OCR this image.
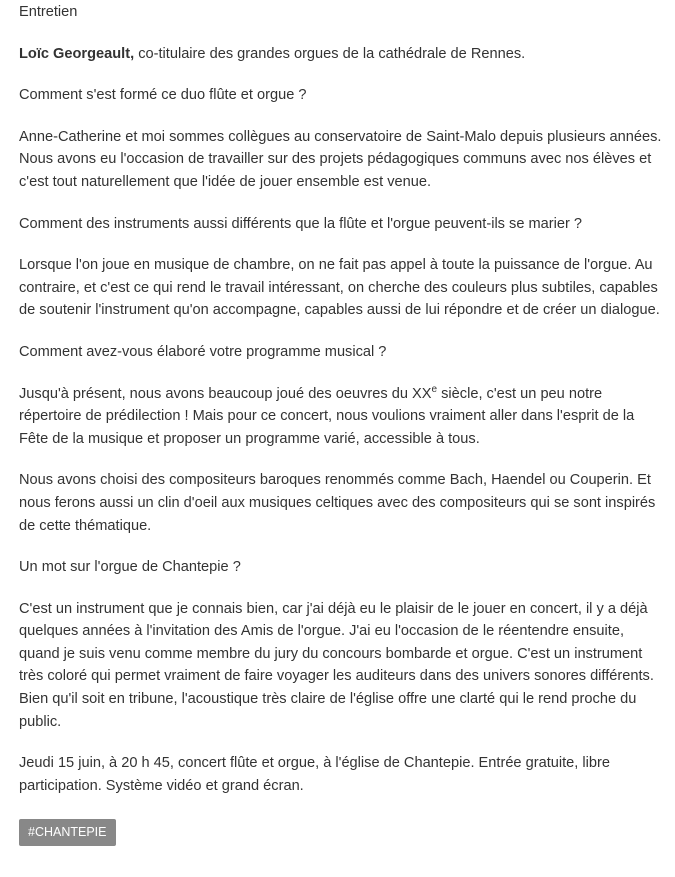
Entretien

Loïc Georgeault, co-titulaire des grandes orgues de la cathédrale de Rennes.

Comment s'est formé ce duo flûte et orgue ?

Anne-Catherine et moi sommes collègues au conservatoire de Saint-Malo depuis plusieurs années. Nous avons eu l'occasion de travailler sur des projets pédagogiques communs avec nos élèves et c'est tout naturellement que l'idée de jouer ensemble est venue.

Comment des instruments aussi différents que la flûte et l'orgue peuvent-ils se marier ?

Lorsque l'on joue en musique de chambre, on ne fait pas appel à toute la puissance de l'orgue. Au contraire, et c'est ce qui rend le travail intéressant, on cherche des couleurs plus subtiles, capables de soutenir l'instrument qu'on accompagne, capables aussi de lui répondre et de créer un dialogue.

Comment avez-vous élaboré votre programme musical ?

Jusqu'à présent, nous avons beaucoup joué des oeuvres du XXe siècle, c'est un peu notre répertoire de prédilection ! Mais pour ce concert, nous voulions vraiment aller dans l'esprit de la Fête de la musique et proposer un programme varié, accessible à tous.

Nous avons choisi des compositeurs baroques renommés comme Bach, Haendel ou Couperin. Et nous ferons aussi un clin d'oeil aux musiques celtiques avec des compositeurs qui se sont inspirés de cette thématique.

Un mot sur l'orgue de Chantepie ?

C'est un instrument que je connais bien, car j'ai déjà eu le plaisir de le jouer en concert, il y a déjà quelques années à l'invitation des Amis de l'orgue. J'ai eu l'occasion de le réentendre ensuite, quand je suis venu comme membre du jury du concours bombarde et orgue. C'est un instrument très coloré qui permet vraiment de faire voyager les auditeurs dans des univers sonores différents. Bien qu'il soit en tribune, l'acoustique très claire de l'église offre une clarté qui le rend proche du public.

Jeudi 15 juin, à 20 h 45, concert flûte et orgue, à l'église de Chantepie. Entrée gratuite, libre participation. Système vidéo et grand écran.

#CHANTEPIE
